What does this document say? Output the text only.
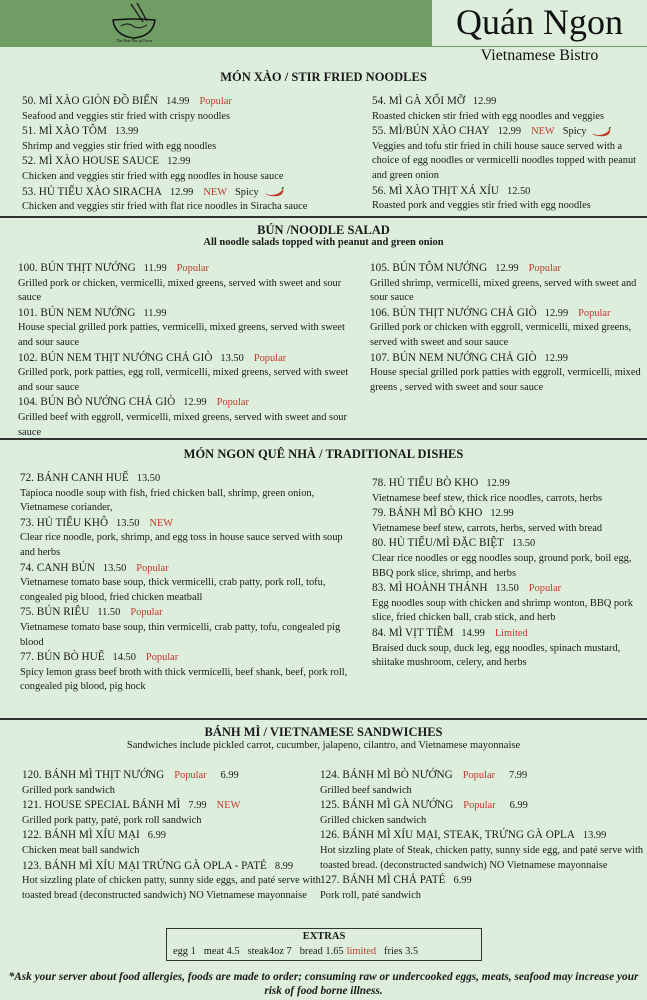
The Best Pho in Town	Quán Ngon
Vietnamese Bistro
MÓN XÀO / STIR FRIED NOODLES
50. MÌ XÀO GIÒN ĐỒ BIỂN 14.99 Popular
Seafood and veggies stir fried with crispy noodles
51. MÌ XÀO TÔM 13.99
Shrimp and veggies stir fried with egg noodles
52. MÌ XÀO HOUSE SAUCE 12.99
Chicken and veggies stir fried with egg noodles in house sauce
53. HỦ TIẾU XÀO SIRACHA 12.99 NEW Spicy
Chicken and veggies stir fried with flat rice noodles in Siracha sauce
54. MÌ GÀ XỐI MỠ 12.99
Roasted chicken stir fried with egg noodles and veggies
55. MÌ/BÚN XÀO CHAY 12.99 NEW Spicy
Veggies and tofu stir fried in chili house sauce served with a choice of egg noodles or vermicelli noodles topped with peanut and green onion
56. MÌ XÀO THỊT XÁ XÍU 12.50
Roasted pork and veggies stir fried with egg noodles
BÚN /NOODLE SALAD
All noodle salads topped with peanut and green onion
100. BÚN THỊT NƯỚNG 11.99 Popular
Grilled pork or chicken, vermicelli, mixed greens, served with sweet and sour sauce
101. BÚN NEM NƯỚNG 11.99
House special grilled pork patties, vermicelli, mixed greens, served with sweet and sour sauce
102. BÚN NEM THỊT NƯỚNG CHẢ GIÒ 13.50 Popular
Grilled pork, pork patties, egg roll, vermicelli, mixed greens, served with sweet and sour sauce
104. BÚN BÒ NƯỚNG CHẢ GIÒ 12.99 Popular
Grilled beef with eggroll, vermicelli, mixed greens, served with sweet and sour sauce
105. BÚN TÔM NƯỚNG 12.99 Popular
Grilled shrimp, vermicelli, mixed greens, served with sweet and sour sauce
106. BÚN THỊT NƯỚNG CHẢ GIÒ 12.99 Popular
Grilled pork or chicken with eggroll, vermicelli, mixed greens, served with sweet and sour sauce
107. BÚN NEM NƯỚNG CHẢ GIÒ 12.99
House special grilled pork patties with eggroll, vermicelli, mixed greens , served with sweet and sour sauce
MÓN NGON QUÊ NHÀ / TRADITIONAL DISHES
72. BÁNH CANH HUẾ 13.50
Tapioca noodle soup with fish, fried chicken ball, shrimp, green onion, Vietnamese coriander,
73. HỦ TIẾU KHÔ 13.50 NEW
Clear rice noodle, pork, shrimp, and egg toss in house sauce served with soup and herbs
74. CANH BÚN 13.50 Popular
Vietnamese tomato base soup, thick vermicelli, crab patty, pork roll, tofu, congealed pig blood, fried chicken meatball
75. BÚN RIÊU 11.50 Popular
Vietnamese tomato base soup, thin vermicelli, crab patty, tofu, congealed pig blood
77. BÚN BÒ HUẾ 14.50 Popular
Spicy lemon grass beef broth with thick vermicelli, beef shank, beef, pork roll, congealed pig blood, pig hock
78. HỦ TIẾU BÒ KHO 12.99
Vietnamese beef stew, thick rice noodles, carrots, herbs
79. BÁNH MÌ BÒ KHO 12.99
Vietnamese beef stew, carrots, herbs, served with bread
80. HỦ TIẾU/MÌ ĐẶC BIỆT 13.50
Clear rice noodles or egg noodles soup, ground pork, boil egg, BBQ pork slice, shrimp, and herbs
83. MÌ HOÀNH THÁNH 13.50 Popular
Egg noodles soup with chicken and shrimp wonton, BBQ pork slice, fried chicken ball, crab stick, and herb
84. MÌ VỊT TIỀM 14.99 Limited
Braised duck soup, duck leg, egg noodles, spinach mustard, shiitake mushroom, celery, and herbs
BÁNH MÌ / VIETNAMESE SANDWICHES
Sandwiches include pickled carrot, cucumber, jalapeno, cilantro, and Vietnamese mayonnaise
120. BÁNH MÌ THỊT NƯỚNG Popular 6.99
Grilled pork sandwich
121. HOUSE SPECIAL BÁNH MÌ 7.99 NEW
Grilled pork patty, paté, pork roll sandwich
122. BÁNH MÌ XÍU MẠI 6.99
Chicken meat ball sandwich
123. BÁNH MÌ XÍU MẠI TRỨNG GÀ OPLA - PATÉ 8.99
Hot sizzling plate of chicken patty, sunny side eggs, and paté serve with toasted bread (deconstructed sandwich) NO Vietnamese mayonnaise
124. BÁNH MÌ BÒ NƯỚNG Popular 7.99
Grilled beef sandwich
125. BÁNH MÌ GÀ NƯỚNG Popular 6.99
Grilled chicken sandwich
126. BÁNH MÌ XÍU MẠI, STEAK, TRỨNG GÀ OPLA 13.99
Hot sizzling plate of Steak, chicken patty, sunny side egg, and paté serve with toasted bread. (deconstructed sandwich) NO Vietnamese mayonnaise
127. BÁNH MÌ CHẢ PATÉ 6.99
Pork roll, paté sandwich
EXTRAS
egg 1 meat 4.5 steak4oz 7 bread 1.65 limited fries 3.5
*Ask your server about food allergies, foods are made to order; consuming raw or undercooked eggs, meats, seafood may increase your risk of food borne illness.
